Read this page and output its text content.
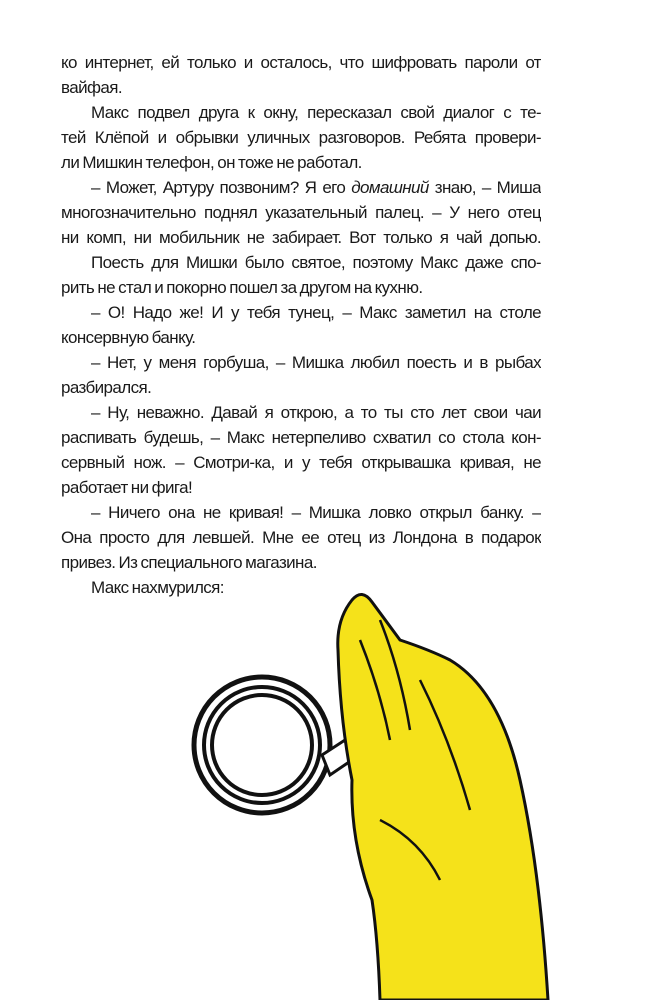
ко интернет, ей только и осталось, что шифровать пароли от
вайфая.
Макс подвел друга к окну, пересказал свой диалог с те-
тей Клёпой и обрывки уличных разговоров. Ребята провери-
ли Мишкин телефон, он тоже не работал.
– Может, Артуру позвоним? Я его домашний знаю, – Миша
многозначительно поднял указательный палец. – У него отец
ни комп, ни мобильник не забирает. Вот только я чай допью.
Поесть для Мишки было святое, поэтому Макс даже спо-
рить не стал и покорно пошел за другом на кухню.
– О! Надо же! И у тебя тунец, – Макс заметил на столе
консервную банку.
– Нет, у меня горбуша, – Мишка любил поесть и в рыбах
разбирался.
– Ну, неважно. Давай я открою, а то ты сто лет свои чаи
распивать будешь, – Макс нетерпеливо схватил со стола кон-
сервный нож. – Смотри-ка, и у тебя открывашка кривая, не
работает ни фига!
– Ничего она не кривая! – Мишка ловко открыл банку. –
Она просто для левшей. Мне ее отец из Лондона в подарок
привез. Из специального магазина.
Макс нахмурился:
